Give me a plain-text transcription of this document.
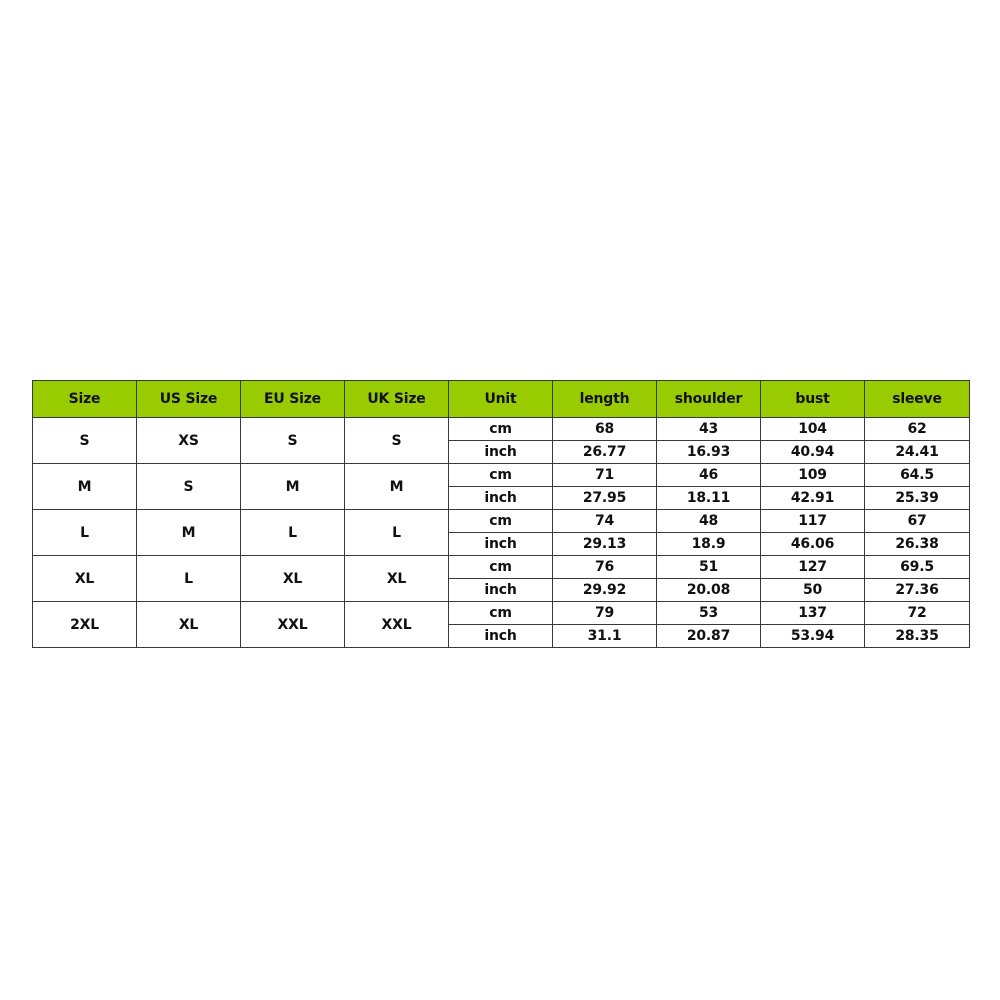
Size	US Size	EU Size	UK Size	Unit	length	shoulder	bust	sleeve
S	XS	S	S	cm	68	43	104	62
				inch	26.77	16.93	40.94	24.41
M	S	M	M	cm	71	46	109	64.5
				inch	27.95	18.11	42.91	25.39
L	M	L	L	cm	74	48	117	67
				inch	29.13	18.9	46.06	26.38
XL	L	XL	XL	cm	76	51	127	69.5
				inch	29.92	20.08	50	27.36
2XL	XL	XXL	XXL	cm	79	53	137	72
				inch	31.1	20.87	53.94	28.35
